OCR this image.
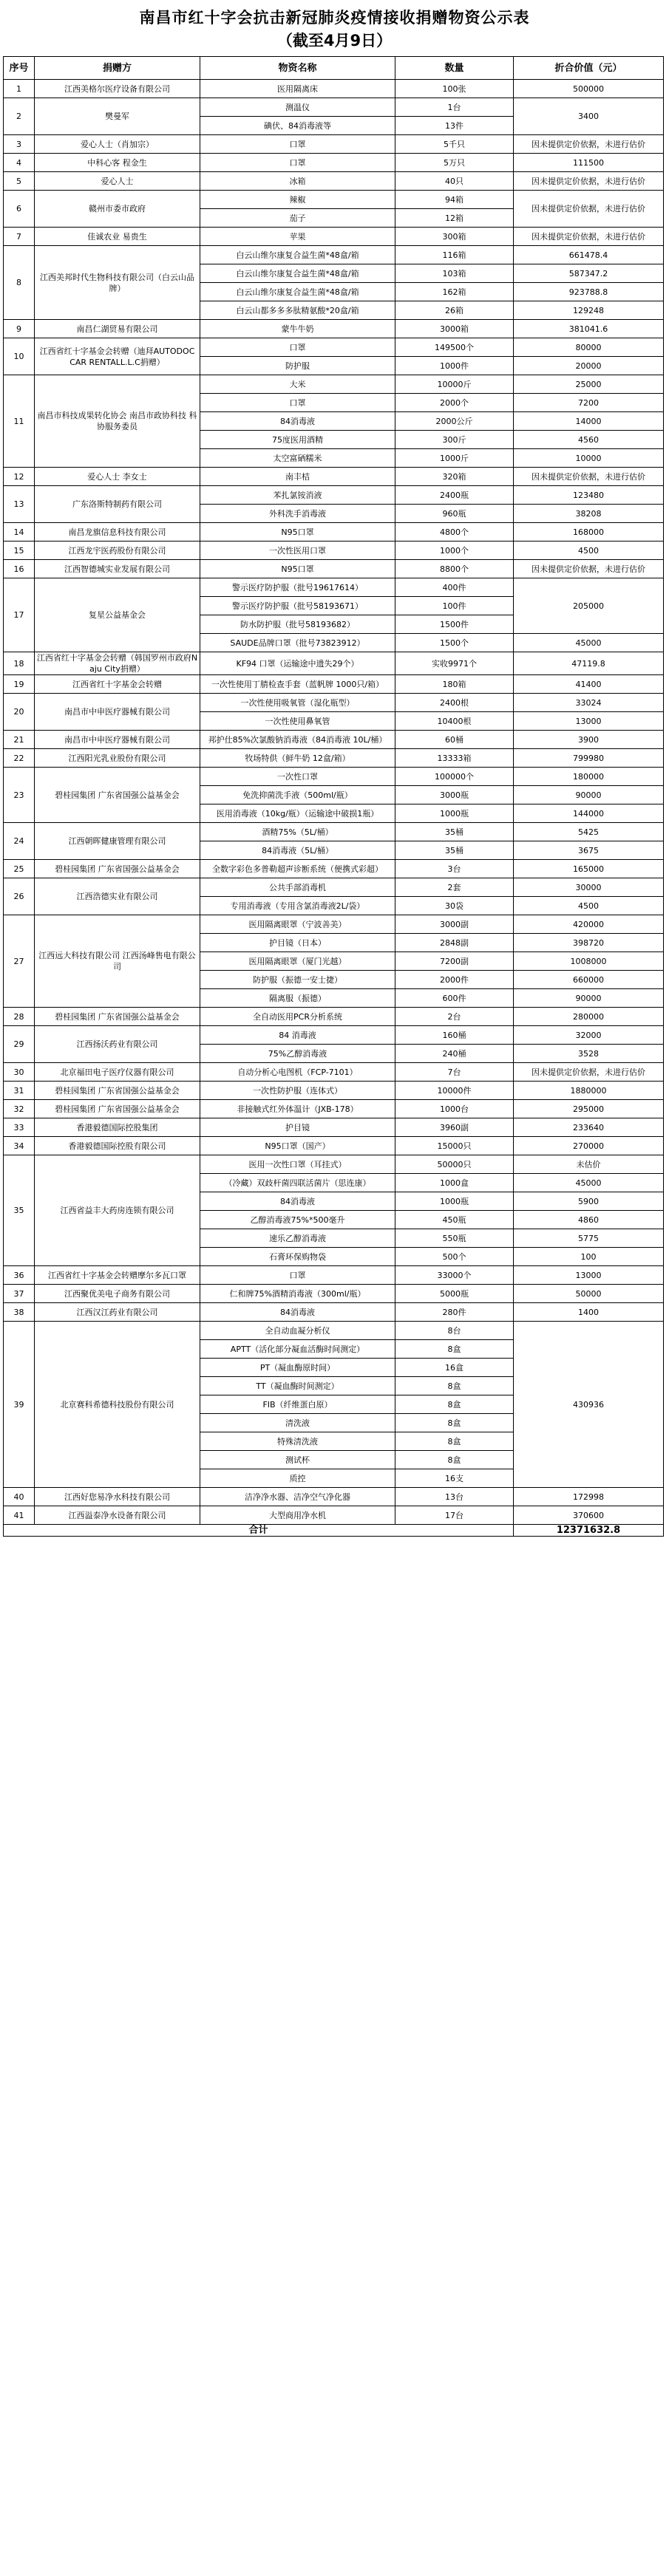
南昌市红十字会抗击新冠肺炎疫情接收捐赠物资公示表
（截至4月9日）
序号	捐赠方	物资名称	数量	折合价值（元）
1	江西美格尔医疗设备有限公司	医用隔离床	100张	500000
2	樊曼军	测温仪	1台	3400
		碘伏、84消毒液等	13件	
3	爱心人士（肖加宗）	口罩	5千只	因未提供定价依据，未进行估价
4	中科心客 程金生	口罩	5万只	111500
5	爱心人士	冰箱	40只	因未提供定价依据，未进行估价
6	赣州市委市政府	辣椒	94箱	因未提供定价依据，未进行估价
		茄子	12箱	
7	佳诚农业 易贵生	苹果	300箱	因未提供定价依据，未进行估价
8	江西美邦时代生物科技有限公司（白云山品牌）	白云山维尔康复合益生菌*48盒/箱	116箱	661478.4
		白云山维尔康复合益生菌*48盒/箱	103箱	587347.2
		白云山维尔康复合益生菌*48盒/箱	162箱	923788.8
		白云山都多多多肽精氨酸*20盒/箱	26箱	129248
9	南昌仁湖贸易有限公司	蒙牛牛奶	3000箱	381041.6
10	江西省红十字基金会转赠（迪拜AUTODOC CAR RENTALL.L.C捐赠）	口罩	149500个	80000
		防护服	1000件	20000
11	南昌市科技成果转化协会 南昌市政协科技 科协服务委员	大米	10000斤	25000
		口罩	2000个	7200
		84消毒液	2000公斤	14000
		75度医用酒精	300斤	4560
		太空富硒糯米	1000斤	10000
12	爱心人士 李女士	南丰桔	320箱	因未提供定价依据，未进行估价
13	广东洛斯特制药有限公司	苯扎氯铵消液	2400瓶	123480
		外科洗手消毒液	960瓶	38208
14	南昌龙旗信息科技有限公司	N95口罩	4800个	168000
15	江西龙宇医药股份有限公司	一次性医用口罩	1000个	4500
16	江西智德城实业发展有限公司	N95口罩	8800个	因未提供定价依据，未进行估价
17	复星公益基金会	警示医疗防护服（批号19617614）	400件	205000
		警示医疗防护服（批号58193671）	100件	
		防水防护服（批号58193682）	1500件	
		SAUDE品牌口罩（批号73823912）	1500个	45000
18	江西省红十字基金会转赠（韩国罗州市政府Naju City捐赠）	KF94 口罩（运输途中遗失29个）	实收9971个	47119.8
19	江西省红十字基金会转赠	一次性使用丁腈检查手套（蓝帆牌 1000只/箱）	180箱	41400
20	南昌市中申医疗器械有限公司	一次性使用吸氧管（湿化瓶型）	2400根	33024
		一次性使用鼻氧管	10400根	13000
21	南昌市中申医疗器械有限公司	邦护仕85%次氯酸钠消毒液（84消毒液 10L/桶）	60桶	3900
22	江西阳光乳业股份有限公司	牧场特供（鲜牛奶 12盒/箱）	13333箱	799980
23	碧桂园集团 广东省国强公益基金会	一次性口罩	100000个	180000
		免洗抑菌洗手液（500ml/瓶）	3000瓶	90000
		医用消毒液（10kg/瓶）（运输途中破损1瓶）	1000瓶	144000
24	江西朝晖健康管理有限公司	酒精75%（5L/桶）	35桶	5425
		84消毒液（5L/桶）	35桶	3675
25	碧桂园集团 广东省国强公益基金会	全数字彩色多普勒超声诊断系统（便携式彩超）	3台	165000
26	江西浩德实业有限公司	公共手部消毒机	2套	30000
		专用消毒液（专用含氯消毒液2L/袋）	30袋	4500
27	江西远大科技有限公司 江西汤峰售电有限公司	医用隔离眼罩（宁波善美）	3000副	420000
		护目镜（日本）	2848副	398720
		医用隔离眼罩（厦门光越）	7200副	1008000
		防护服（振德一安士捷）	2000件	660000
		隔离服（振德）	600件	90000
28	碧桂园集团 广东省国强公益基金会	全自动医用PCR分析系统	2台	280000
29	江西扬沃药业有限公司	84 消毒液	160桶	32000
		75%乙醇消毒液	240桶	3528
30	北京福田电子医疗仪器有限公司	自动分析心电图机（FCP-7101）	7台	因未提供定价依据，未进行估价
31	碧桂园集团 广东省国强公益基金会	一次性防护服（连体式）	10000件	1880000
32	碧桂园集团 广东省国强公益基金会	非接触式红外体温计（JXB-178）	1000台	295000
33	香港毅德国际控股集团	护目镜	3960副	233640
34	香港毅德国际控股有限公司	N95口罩（国产）	15000只	270000
35	江西省益丰大药房连锁有限公司	医用一次性口罩（耳挂式）	50000只	未估价
		（冷藏）双歧杆菌四联活菌片（思连康）	1000盒	45000
		84消毒液	1000瓶	5900
		乙醇消毒液75%*500毫升	450瓶	4860
		速乐乙醇消毒液	550瓶	5775
		石膏环保购物袋	500个	100
36	江西省红十字基金会转赠摩尔多瓦口罩	口罩	33000个	13000
37	江西聚优美电子商务有限公司	仁和牌75%酒精消毒液（300ml/瓶）	5000瓶	50000
38	江西汉江药业有限公司	84消毒液	280件	1400
39	北京赛科希德科技股份有限公司	全自动血凝分析仪	8台	430936
		APTT（活化部分凝血活酶时间测定）	8盒	
		PT（凝血酶原时间）	16盒	
		TT（凝血酶时间测定）	8盒	
		FIB（纤维蛋白原）	8盒	
		清洗液	8盒	
		特殊清洗液	8盒	
		测试杯	8盒	
		质控	16支	
40	江西好您易净水科技有限公司	洁净净水器、洁净空气净化器	13台	172998
41	江西溢泰净水设备有限公司	大型商用净水机	17台	370600
合计				12371632.8
